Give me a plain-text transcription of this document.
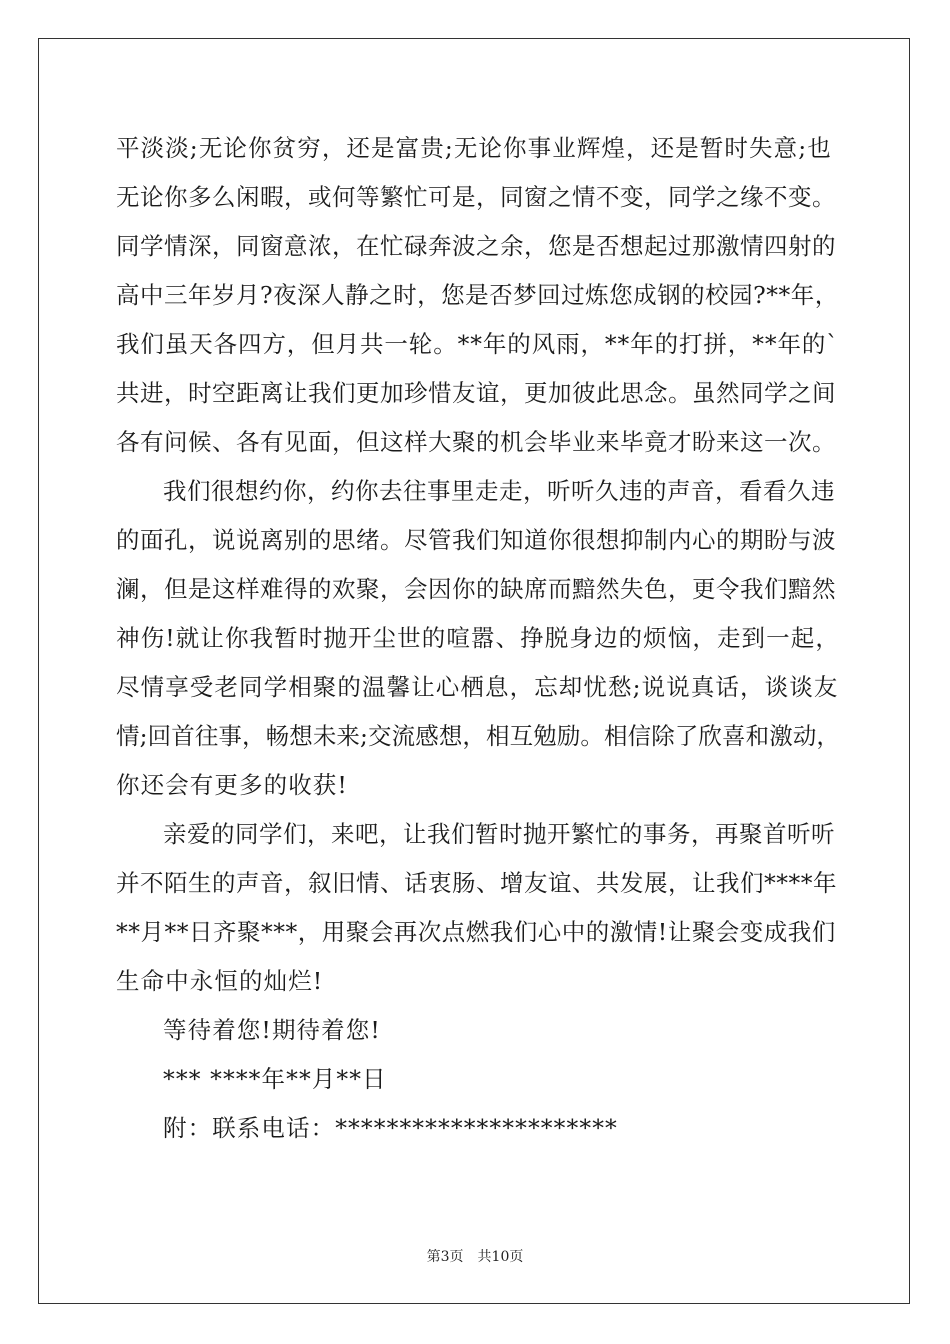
平淡淡;无论你贫穷，还是富贵;无论你事业辉煌，还是暂时失意;也
无论你多么闲暇，或何等繁忙可是，同窗之情不变，同学之缘不变。
同学情深，同窗意浓，在忙碌奔波之余，您是否想起过那激情四射的
高中三年岁月?夜深人静之时，您是否梦回过炼您成钢的校园?**年，
我们虽天各四方，但月共一轮。**年的风雨，**年的打拼，**年的`
共进，时空距离让我们更加珍惜友谊，更加彼此思念。虽然同学之间
各有问候、各有见面，但这样大聚的机会毕业来毕竟才盼来这一次。

我们很想约你，约你去往事里走走，听听久违的声音，看看久违
的面孔，说说离别的思绪。尽管我们知道你很想抑制内心的期盼与波
澜，但是这样难得的欢聚，会因你的缺席而黯然失色，更令我们黯然
神伤!就让你我暂时抛开尘世的喧嚣、挣脱身边的烦恼，走到一起，
尽情享受老同学相聚的温馨让心栖息，忘却忧愁;说说真话，谈谈友
情;回首往事，畅想未来;交流感想，相互勉励。相信除了欣喜和激动，
你还会有更多的收获!

亲爱的同学们，来吧，让我们暂时抛开繁忙的事务，再聚首听听
并不陌生的声音，叙旧情、话衷肠、增友谊、共发展，让我们****年
**月**日齐聚***，用聚会再次点燃我们心中的激情!让聚会变成我们
生命中永恒的灿烂!

等待着您!期待着您!

*** ****年**月**日

附：联系电话：**********************

第3页　共10页
